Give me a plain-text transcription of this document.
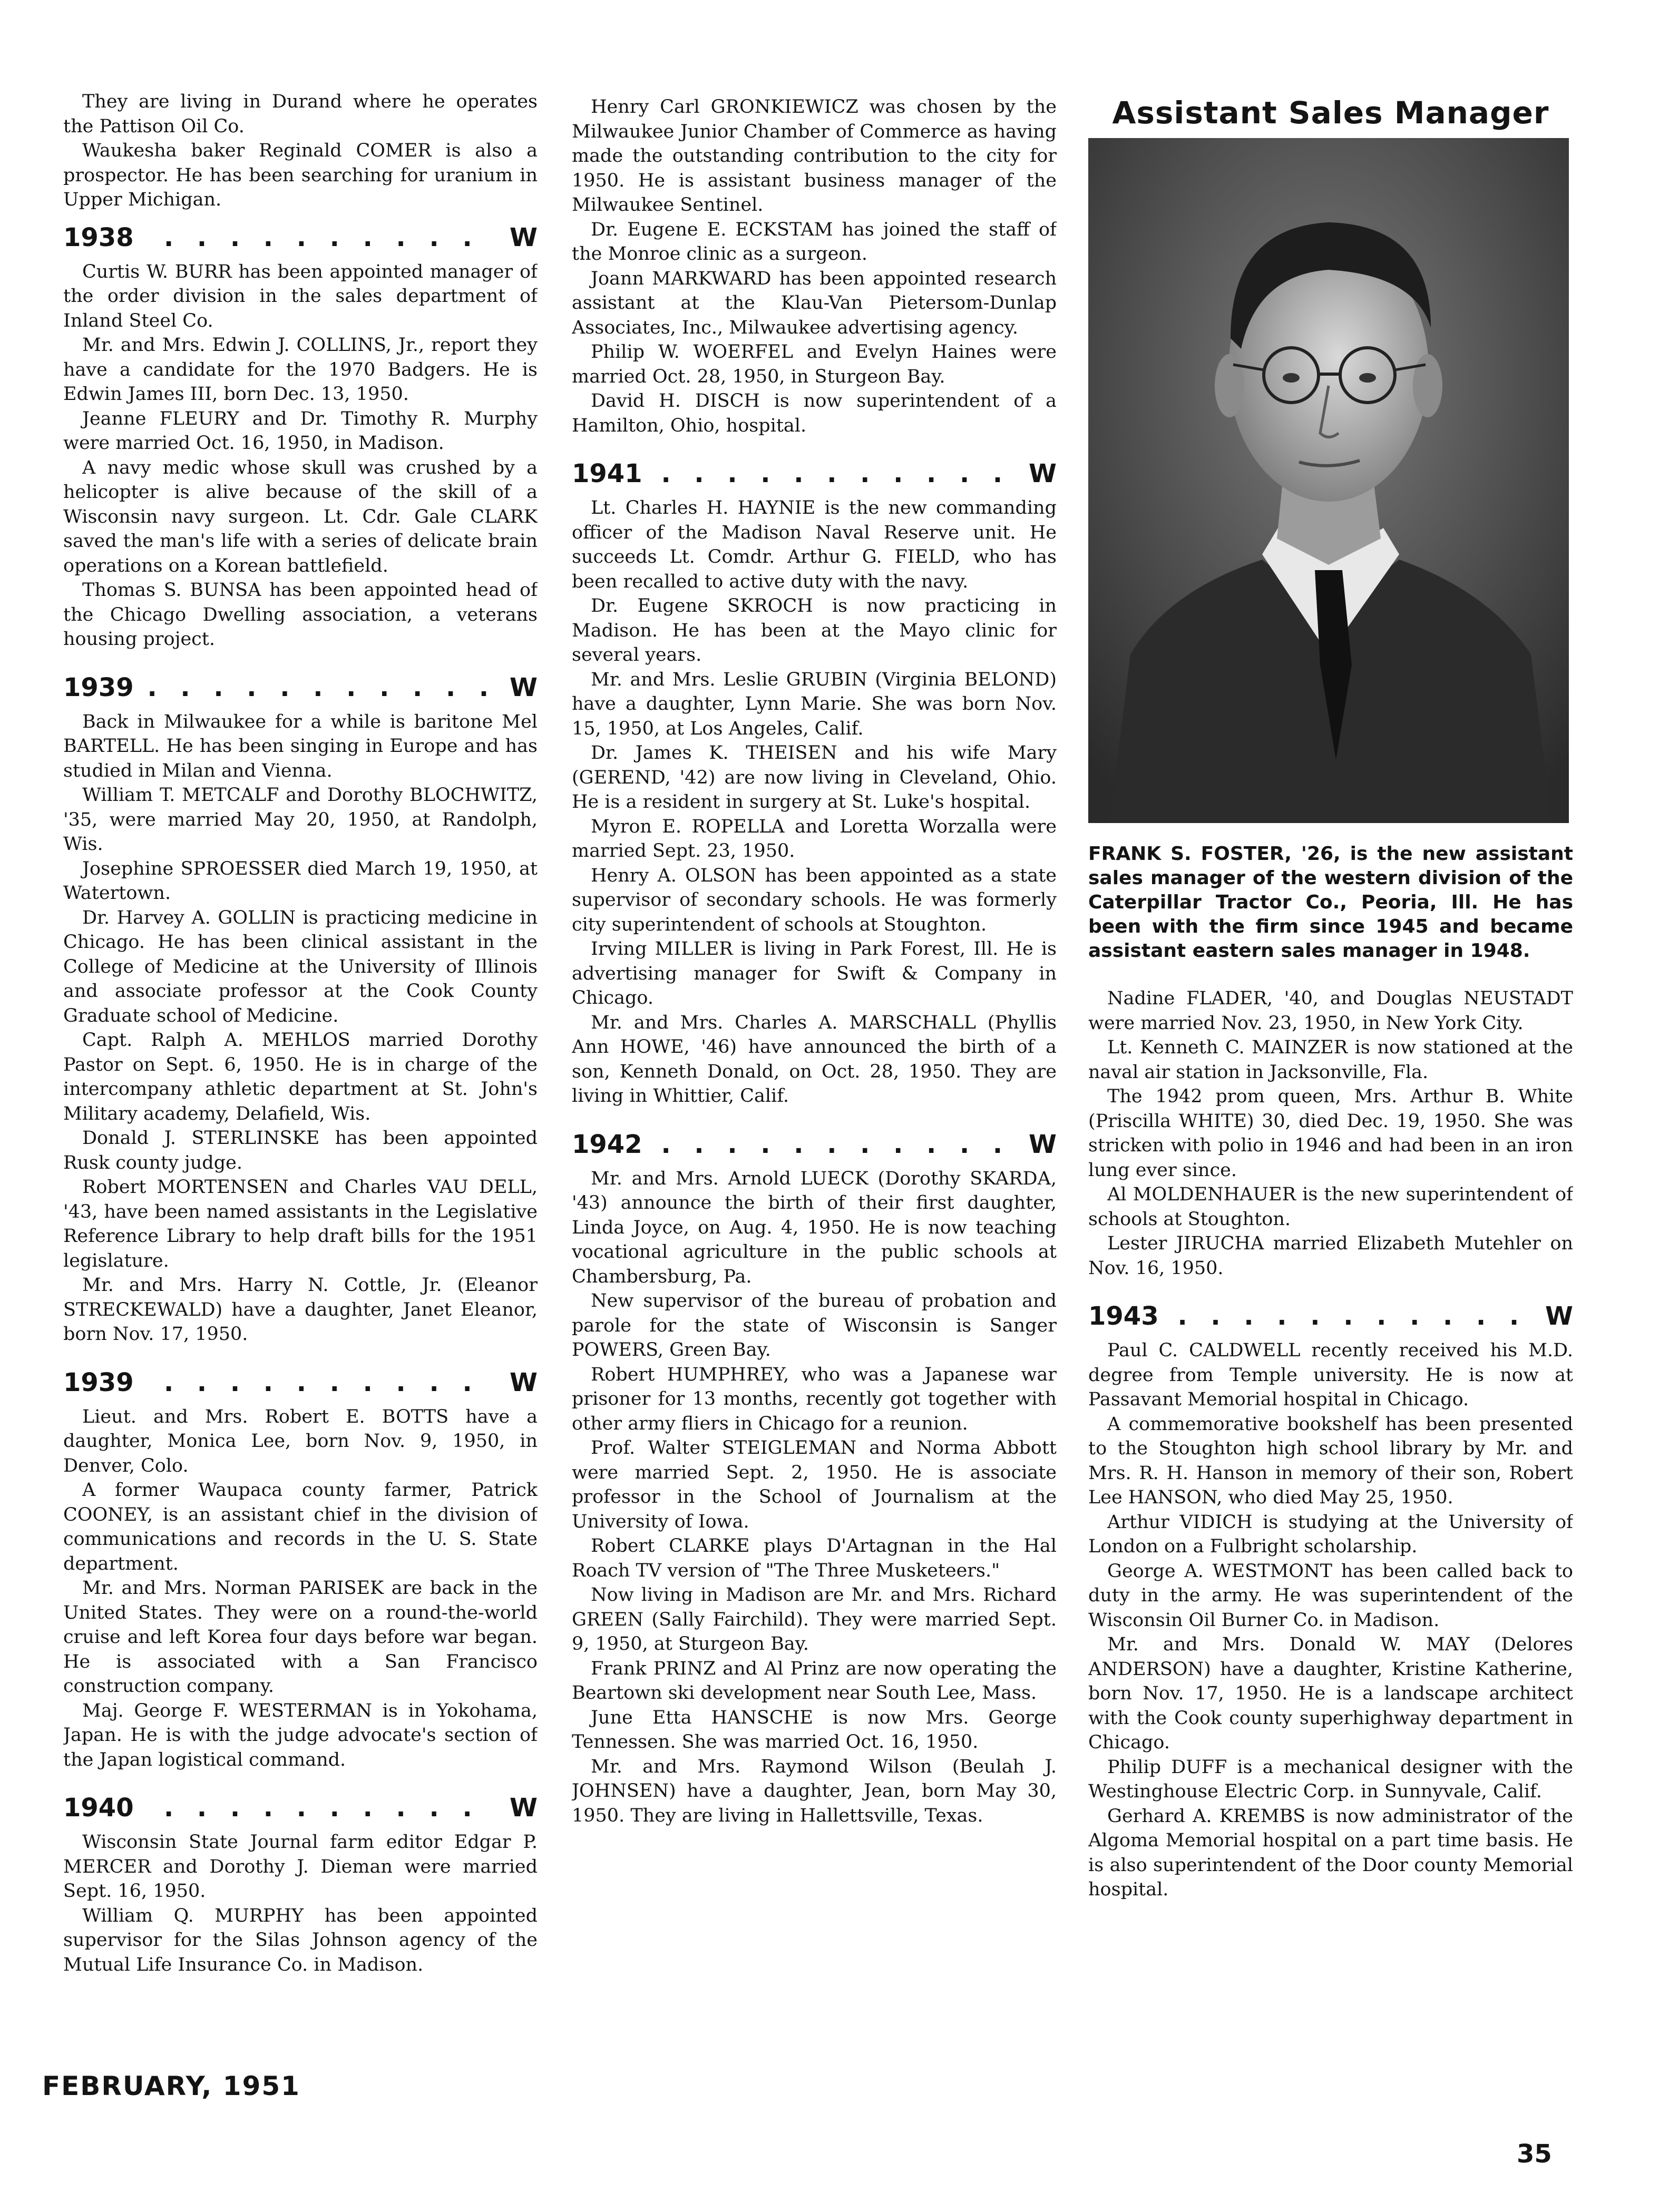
They are living in Durand where he operates the Pattison Oil Co.

Waukesha baker Reginald COMER is also a prospector. He has been searching for uranium in Upper Michigan.

1938	. . . . . . . . . .	W

Curtis W. BURR has been appointed manager of the order division in the sales department of Inland Steel Co.

Mr. and Mrs. Edwin J. COLLINS, Jr., report they have a candidate for the 1970 Badgers. He is Edwin James III, born Dec. 13, 1950.

Jeanne FLEURY and Dr. Timothy R. Murphy were married Oct. 16, 1950, in Madison.

A navy medic whose skull was crushed by a helicopter is alive because of the skill of a Wisconsin navy surgeon. Lt. Cdr. Gale CLARK saved the man's life with a series of delicate brain operations on a Korean battlefield.

Thomas S. BUNSA has been appointed head of the Chicago Dwelling association, a veterans housing project.

1939 . . . . . . . . . . . W

Back in Milwaukee for a while is baritone Mel BARTELL. He has been singing in Europe and has studied in Milan and Vienna.

William T. METCALF and Dorothy BLOCHWITZ, '35, were married May 20, 1950, at Randolph, Wis.

Josephine SPROESSER died March 19, 1950, at Watertown.

Dr. Harvey A. GOLLIN is practicing medicine in Chicago. He has been clinical assistant in the College of Medicine at the University of Illinois and associate professor at the Cook County Graduate school of Medicine.

Capt. Ralph A. MEHLOS married Dorothy Pastor on Sept. 6, 1950. He is in charge of the intercompany athletic department at St. John's Military academy, Delafield, Wis.

Donald J. STERLINSKE has been appointed Rusk county judge.

Robert MORTENSEN and Charles VAU DELL, '43, have been named assistants in the Legislative Reference Library to help draft bills for the 1951 legislature.

Mr. and Mrs. Harry N. Cottle, Jr. (Eleanor STRECKEWALD) have a daughter, Janet Eleanor, born Nov. 17, 1950.

1939	. . . . . . . . . .	W

Lieut. and Mrs. Robert E. BOTTS have a daughter, Monica Lee, born Nov. 9, 1950, in Denver, Colo.

A former Waupaca county farmer, Patrick COONEY, is an assistant chief in the division of communications and records in the U. S. State department.

Mr. and Mrs. Norman PARISEK are back in the United States. They were on a round-the-world cruise and left Korea four days before war began. He is associated with a San Francisco construction company.

Maj. George F. WESTERMAN is in Yokohama, Japan. He is with the judge advocate's section of the Japan logistical command.

1940	. . . . . . . . . .	W

Wisconsin State Journal farm editor Edgar P. MERCER and Dorothy J. Dieman were married Sept. 16, 1950.

William Q. MURPHY has been appointed supervisor for the Silas Johnson agency of the Mutual Life Insurance Co. in Madison.

Henry Carl GRONKIEWICZ was chosen by the Milwaukee Junior Chamber of Commerce as having made the outstanding contribution to the city for 1950. He is assistant business manager of the Milwaukee Sentinel.

Dr. Eugene E. ECKSTAM has joined the staff of the Monroe clinic as a surgeon.

Joann MARKWARD has been appointed research assistant at the Klau-Van Pietersom-Dunlap Associates, Inc., Milwaukee advertising agency.

Philip W. WOERFEL and Evelyn Haines were married Oct. 28, 1950, in Sturgeon Bay.

David H. DISCH is now superintendent of a Hamilton, Ohio, hospital.

1941 . . . . . . . . . . . W

Lt. Charles H. HAYNIE is the new commanding officer of the Madison Naval Reserve unit. He succeeds Lt. Comdr. Arthur G. FIELD, who has been recalled to active duty with the navy.

Dr. Eugene SKROCH is now practicing in Madison. He has been at the Mayo clinic for several years.

Mr. and Mrs. Leslie GRUBIN (Virginia BELOND) have a daughter, Lynn Marie. She was born Nov. 15, 1950, at Los Angeles, Calif.

Dr. James K. THEISEN and his wife Mary (GEREND, '42) are now living in Cleveland, Ohio. He is a resident in surgery at St. Luke's hospital.

Myron E. ROPELLA and Loretta Worzalla were married Sept. 23, 1950.

Henry A. OLSON has been appointed as a state supervisor of secondary schools. He was formerly city superintendent of schools at Stoughton.

Irving MILLER is living in Park Forest, Ill. He is advertising manager for Swift & Company in Chicago.

Mr. and Mrs. Charles A. MARSCHALL (Phyllis Ann HOWE, '46) have announced the birth of a son, Kenneth Donald, on Oct. 28, 1950. They are living in Whittier, Calif.

1942 . . . . . . . . . . . W

Mr. and Mrs. Arnold LUECK (Dorothy SKARDA, '43) announce the birth of their first daughter, Linda Joyce, on Aug. 4, 1950. He is now teaching vocational agriculture in the public schools at Chambersburg, Pa.

New supervisor of the bureau of probation and parole for the state of Wisconsin is Sanger POWERS, Green Bay.

Robert HUMPHREY, who was a Japanese war prisoner for 13 months, recently got together with other army fliers in Chicago for a reunion.

Prof. Walter STEIGLEMAN and Norma Abbott were married Sept. 2, 1950. He is associate professor in the School of Journalism at the University of Iowa.

Robert CLARKE plays D'Artagnan in the Hal Roach TV version of "The Three Musketeers."

Now living in Madison are Mr. and Mrs. Richard GREEN (Sally Fairchild). They were married Sept. 9, 1950, at Sturgeon Bay.

Frank PRINZ and Al Prinz are now operating the Beartown ski development near South Lee, Mass.

June Etta HANSCHE is now Mrs. George Tennessen. She was married Oct. 16, 1950.

Mr. and Mrs. Raymond Wilson (Beulah J. JOHNSEN) have a daughter, Jean, born May 30, 1950. They are living in Hallettsville, Texas.

Assistant Sales Manager
FRANK S. FOSTER, '26, is the new assistant sales manager of the western division of the Caterpillar Tractor Co., Peoria, Ill. He has been with the firm since 1945 and became assistant eastern sales manager in 1948.

Nadine FLADER, '40, and Douglas NEUSTADT were married Nov. 23, 1950, in New York City.

Lt. Kenneth C. MAINZER is now stationed at the naval air station in Jacksonville, Fla.

The 1942 prom queen, Mrs. Arthur B. White (Priscilla WHITE) 30, died Dec. 19, 1950. She was stricken with polio in 1946 and had been in an iron lung ever since.

Al MOLDENHAUER is the new superintendent of schools at Stoughton.

Lester JIRUCHA married Elizabeth Mutehler on Nov. 16, 1950.

1943 . . . . . . . . . . . W

Paul C. CALDWELL recently received his M.D. degree from Temple university. He is now at Passavant Memorial hospital in Chicago.

A commemorative bookshelf has been presented to the Stoughton high school library by Mr. and Mrs. R. H. Hanson in memory of their son, Robert Lee HANSON, who died May 25, 1950.

Arthur VIDICH is studying at the University of London on a Fulbright scholarship.

George A. WESTMONT has been called back to duty in the army. He was superintendent of the Wisconsin Oil Burner Co. in Madison.

Mr. and Mrs. Donald W. MAY (Delores ANDERSON) have a daughter, Kristine Katherine, born Nov. 17, 1950. He is a landscape architect with the Cook county superhighway department in Chicago.

Philip DUFF is a mechanical designer with the Westinghouse Electric Corp. in Sunnyvale, Calif.

Gerhard A. KREMBS is now administrator of the Algoma Memorial hospital on a part time basis. He is also superintendent of the Door county Memorial hospital.

FEBRUARY, 1951
35
